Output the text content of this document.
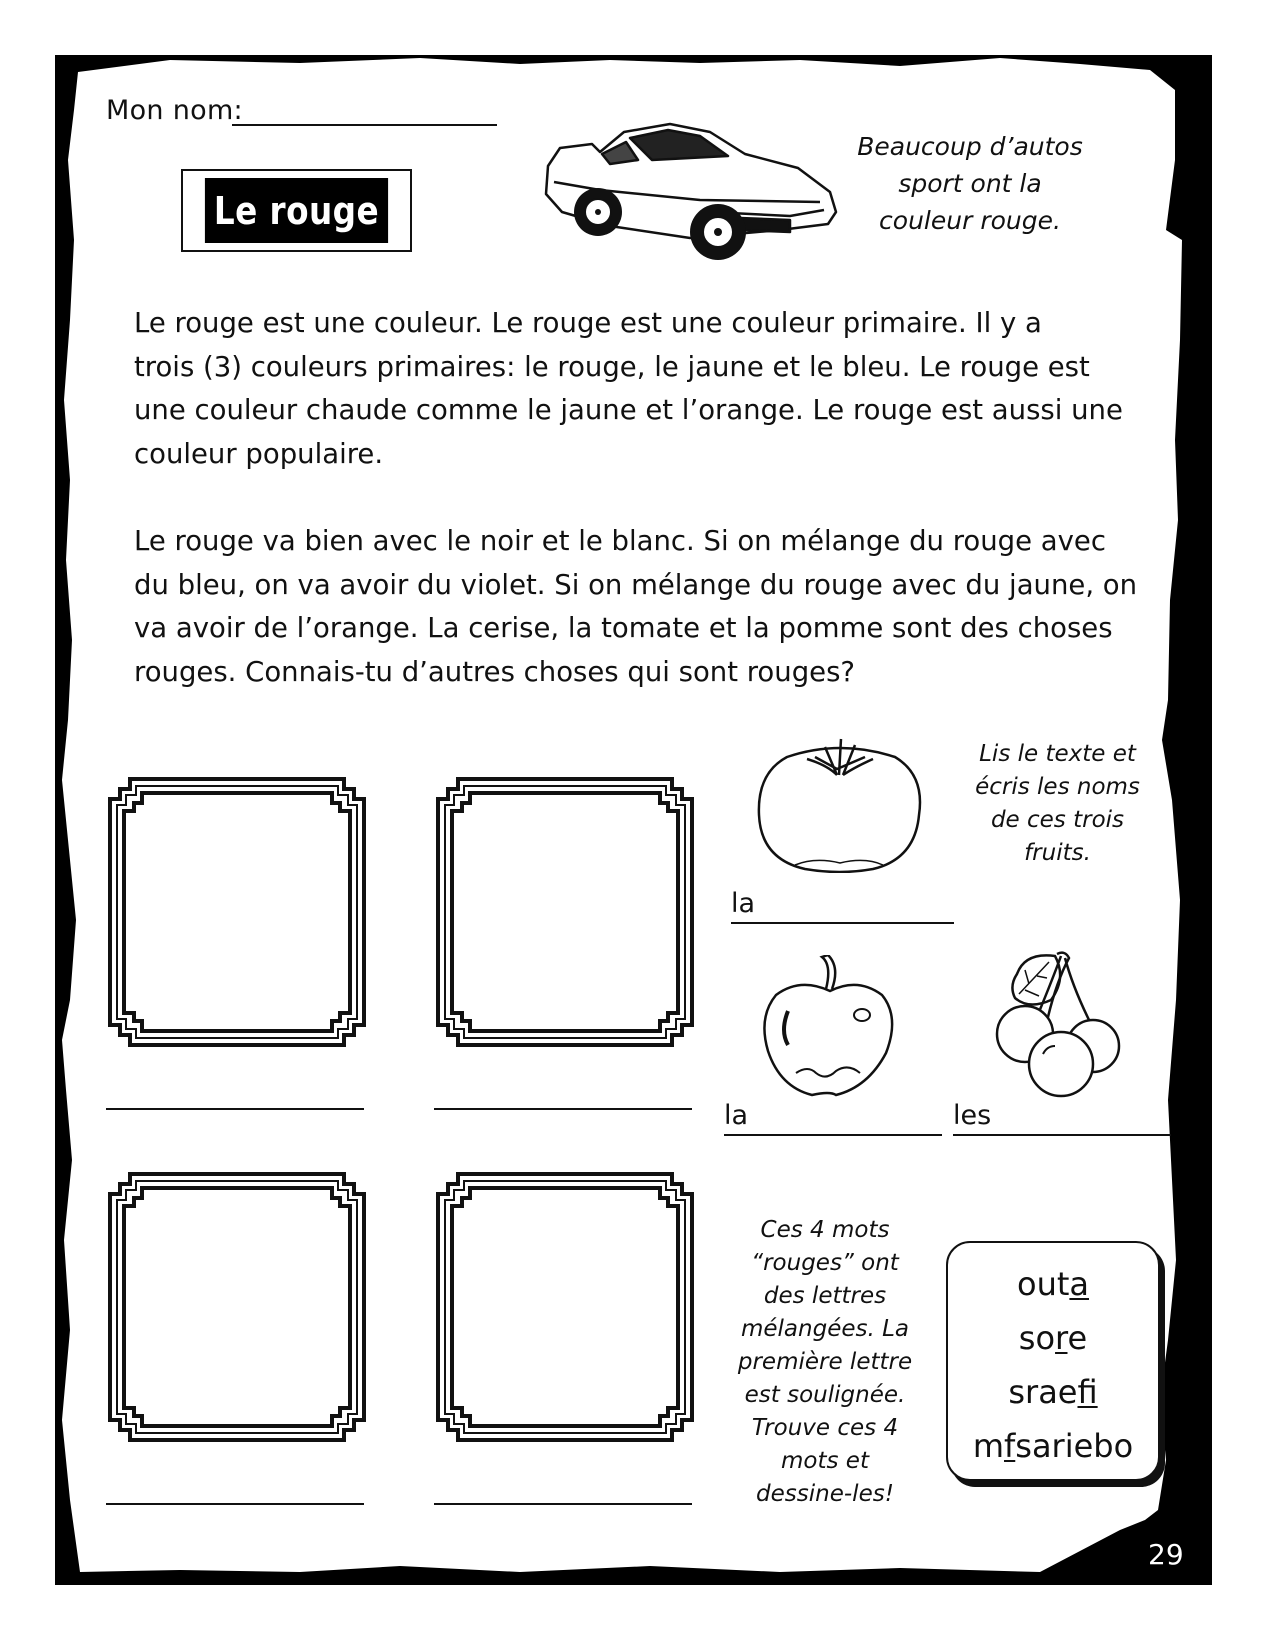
Mon nom:
Le rouge
Beaucoup d’autos
sport ont la
couleur rouge.
Le rouge est une couleur. Le rouge est une couleur primaire. Il y a
trois (3) couleurs primaires: le rouge, le jaune et le bleu. Le rouge est
une couleur chaude comme le jaune et l’orange. Le rouge est aussi une
couleur populaire.
Le rouge va bien avec le noir et le blanc. Si on mélange du rouge avec
du bleu, on va avoir du violet. Si on mélange du rouge avec du jaune, on
va avoir de l’orange. La cerise, la tomate et la pomme sont des choses
rouges. Connais-tu d’autres choses qui sont rouges?
Lis le texte et
écris les noms
de ces trois
fruits.
la
la	les
Ces 4 mots
“rouges” ont
des lettres
mélangées. La
première lettre
est soulignée.
Trouve ces 4
mots et
dessine-les!
outa
sore
sraef
mfsariebo
29
